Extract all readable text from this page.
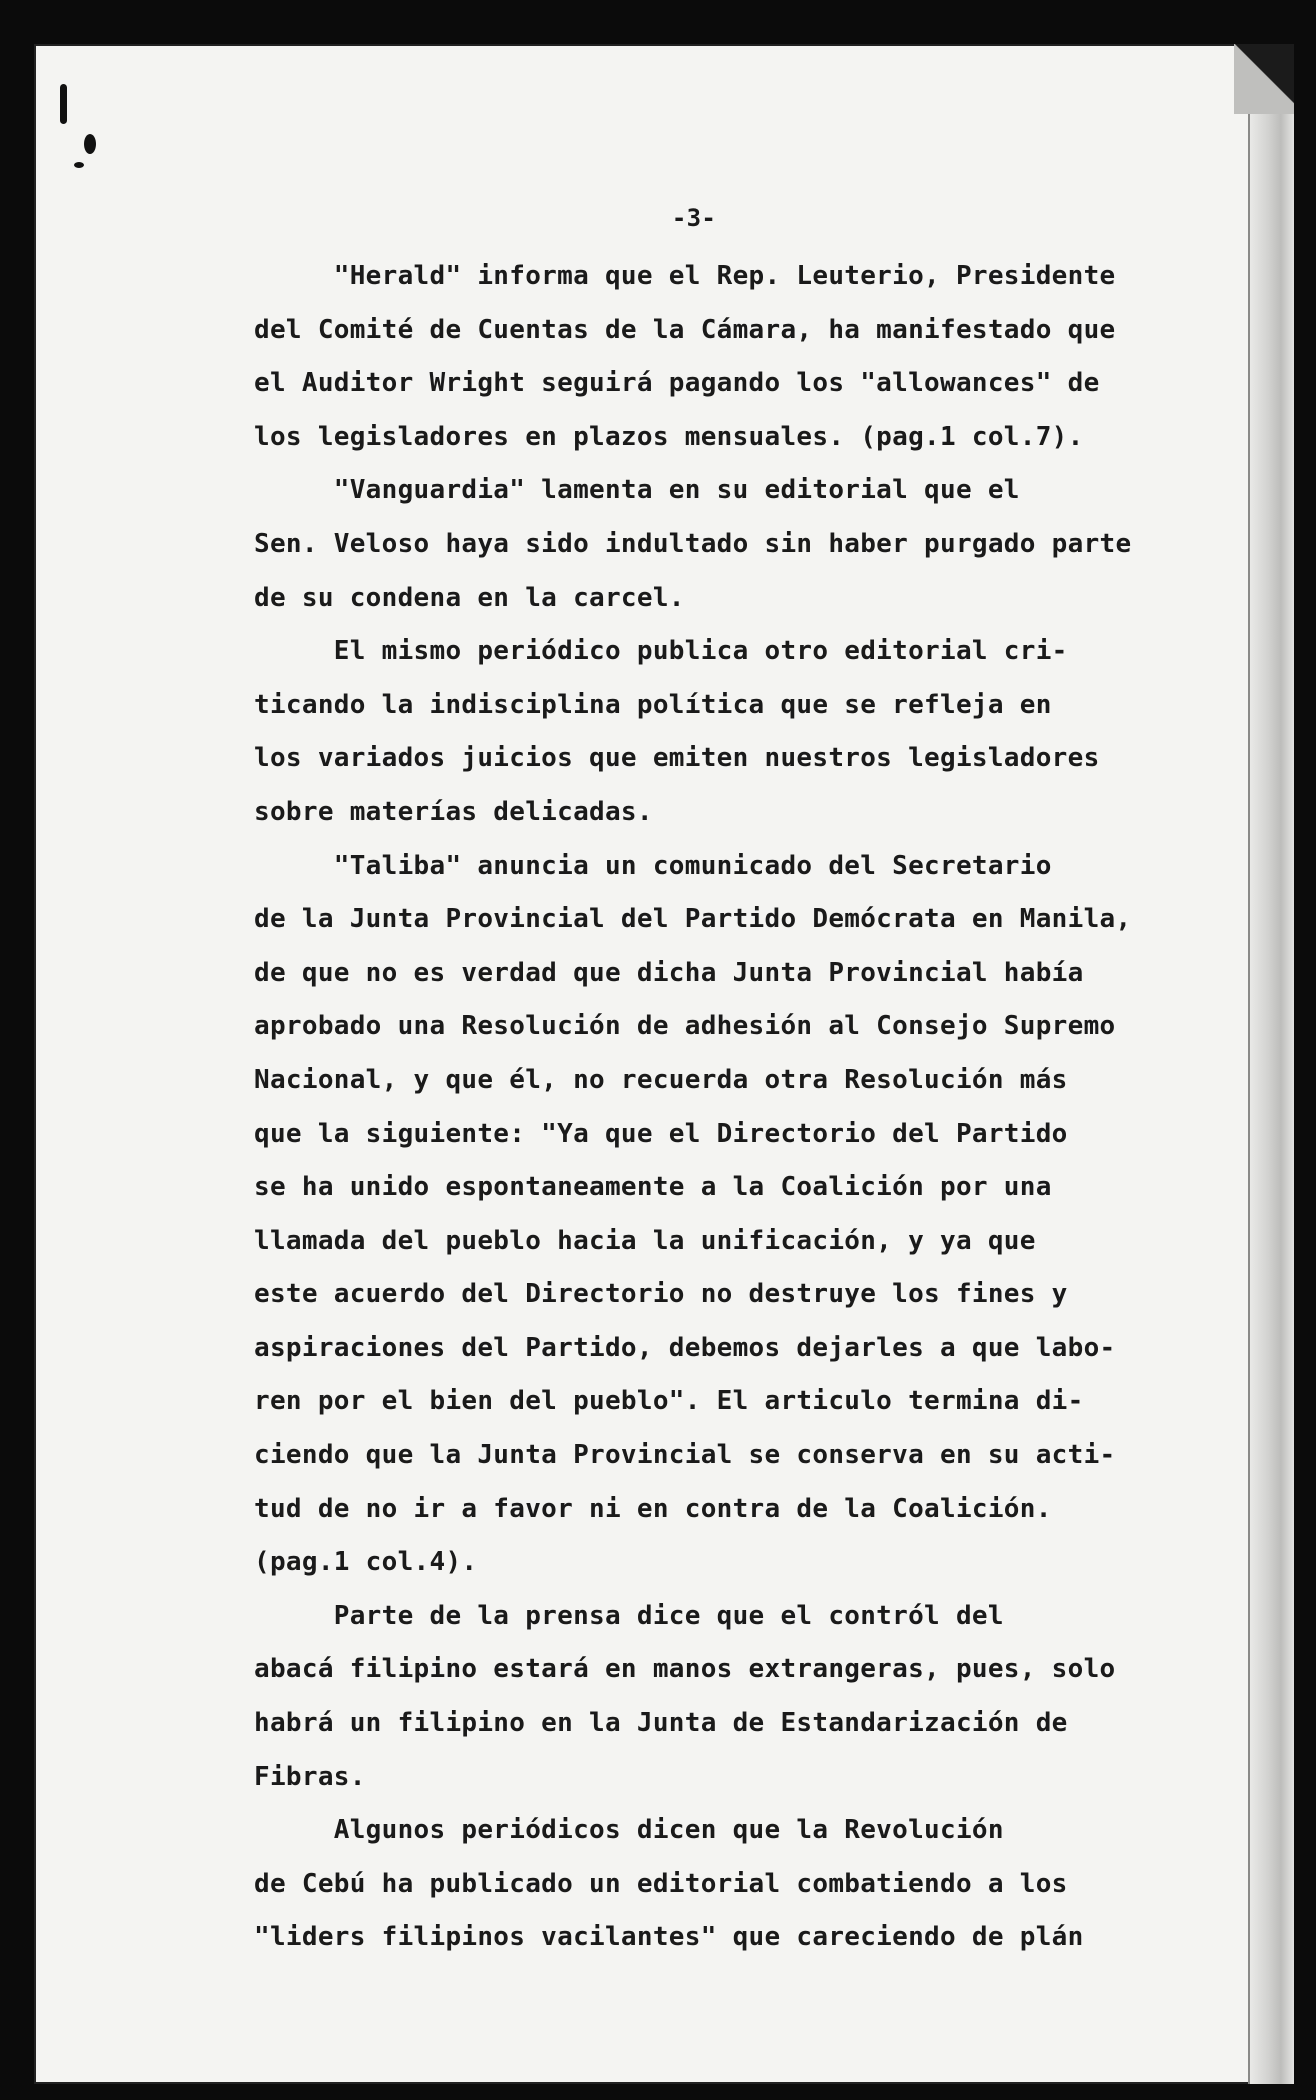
-3-
"Herald" informa que el Rep. Leuterio, Presidente
del Comité de Cuentas de la Cámara, ha manifestado que
el Auditor Wright seguirá pagando los "allowances" de
los legisladores en plazos mensuales. (pag.1 col.7).
"Vanguardia" lamenta en su editorial que el
Sen. Veloso haya sido indultado sin haber purgado parte
de su condena en la carcel.
El mismo periódico publica otro editorial cri-
ticando la indisciplina política que se refleja en
los variados juicios que emiten nuestros legisladores
sobre materías delicadas.
"Taliba" anuncia un comunicado del Secretario
de la Junta Provincial del Partido Demócrata en Manila,
de que no es verdad que dicha Junta Provincial había
aprobado una Resolución de adhesión al Consejo Supremo
Nacional, y que él, no recuerda otra Resolución más
que la siguiente: "Ya que el Directorio del Partido
se ha unido espontaneamente a la Coalición por una
llamada del pueblo hacia la unificación, y ya que
este acuerdo del Directorio no destruye los fines y
aspiraciones del Partido, debemos dejarles a que labo-
ren por el bien del pueblo". El articulo termina di-
ciendo que la Junta Provincial se conserva en su acti-
tud de no ir a favor ni en contra de la Coalición.
(pag.1 col.4).
Parte de la prensa dice que el contról del
abacá filipino estará en manos extrangeras, pues, solo
habrá un filipino en la Junta de Estandarización de
Fibras.
Algunos periódicos dicen que la Revolución
de Cebú ha publicado un editorial combatiendo a los
"liders filipinos vacilantes" que careciendo de plán
